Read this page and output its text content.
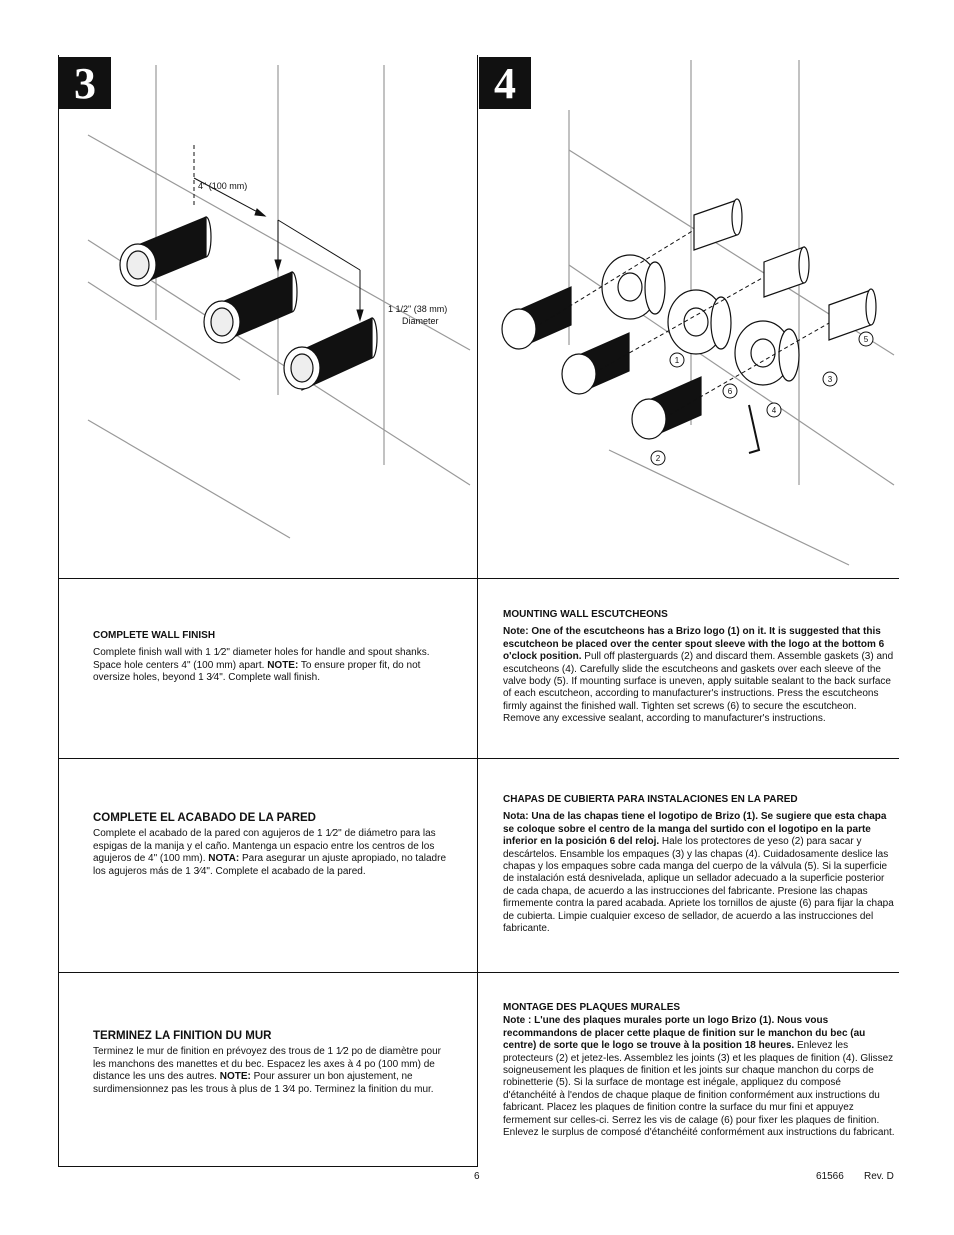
3	4
4" (100 mm)
1 1/2" (38 mm)
Diameter
1
2
3
4
5
6
COMPLETE WALL FINISH

Complete finish wall with 1 1⁄2" diameter holes for handle and spout shanks. Space hole centers 4" (100 mm) apart. NOTE: To ensure proper fit, do not oversize holes, beyond 1 3⁄4". Complete wall finish.

MOUNTING WALL ESCUTCHEONS

Note: One of the escutcheons has a Brizo logo (1) on it. It is suggested that this escutcheon be placed over the center spout sleeve with the logo at the bottom 6 o'clock position. Pull off plasterguards (2) and discard them. Assemble gaskets (3) and escutcheons (4). Carefully slide the escutcheons and gaskets over each sleeve of the valve body (5). If mounting surface is uneven, apply suitable sealant to the back surface of each escutcheon, according to manufacturer's instructions. Press the escutcheons firmly against the finished wall. Tighten set screws (6) to secure the escutcheon. Remove any excessive sealant, according to manufacturer's instructions.

COMPLETE EL ACABADO DE LA PARED

Complete el acabado de la pared con agujeros de 1 1⁄2" de diámetro para las espigas de la manija y el caño. Mantenga un espacio entre los centros de los agujeros de 4" (100 mm). NOTA: Para asegurar un ajuste apropiado, no taladre los agujeros más de 1 3⁄4". Complete el acabado de la pared.

CHAPAS DE CUBIERTA PARA INSTALACIONES EN LA PARED

Nota: Una de las chapas tiene el logotipo de Brizo (1). Se sugiere que esta chapa se coloque sobre el centro de la manga del surtido con el logotipo en la parte inferior en la posición 6 del reloj. Hale los protectores de yeso (2) para sacar y descártelos. Ensamble los empaques (3) y las chapas (4). Cuidadosamente deslice las chapas y los empaques sobre cada manga del cuerpo de la válvula (5). Si la superficie de instalación está desnivelada, aplique un sellador adecuado a la superficie posterior de cada chapa, de acuerdo a las instrucciones del fabricante. Presione las chapas firmemente contra la pared acabada. Apriete los tornillos de ajuste (6) para fijar la chapa de cubierta. Limpie cualquier exceso de sellador, de acuerdo a las instrucciones del fabricante.

TERMINEZ LA FINITION DU MUR

Terminez le mur de finition en prévoyez des trous de 1 1⁄2 po de diamètre pour les manchons des manettes et du bec. Espacez les axes à 4 po (100 mm) de distance les uns des autres. NOTE: Pour assurer un bon ajustement, ne surdimensionnez pas les trous à plus de 1 3⁄4 po. Terminez la finition du mur.

MONTAGE DES PLAQUES MURALES

Note : L'une des plaques murales porte un logo Brizo (1). Nous vous recommandons de placer cette plaque de finition sur le manchon du bec (au centre) de sorte que le logo se trouve à la position 18 heures. Enlevez les protecteurs (2) et jetez-les. Assemblez les joints (3) et les plaques de finition (4). Glissez soigneusement les plaques de finition et les joints sur chaque manchon du corps de robinetterie (5). Si la surface de montage est inégale, appliquez du composé d'étanchéité à l'endos de chaque plaque de finition conformément aux instructions du fabricant. Placez les plaques de finition contre la surface du mur fini et appuyez fermement sur celles-ci. Serrez les vis de calage (6) pour fixer les plaques de finition. Enlevez le surplus de composé d'étanchéité conformément aux instructions du fabricant.

6	61566 Rev. D
